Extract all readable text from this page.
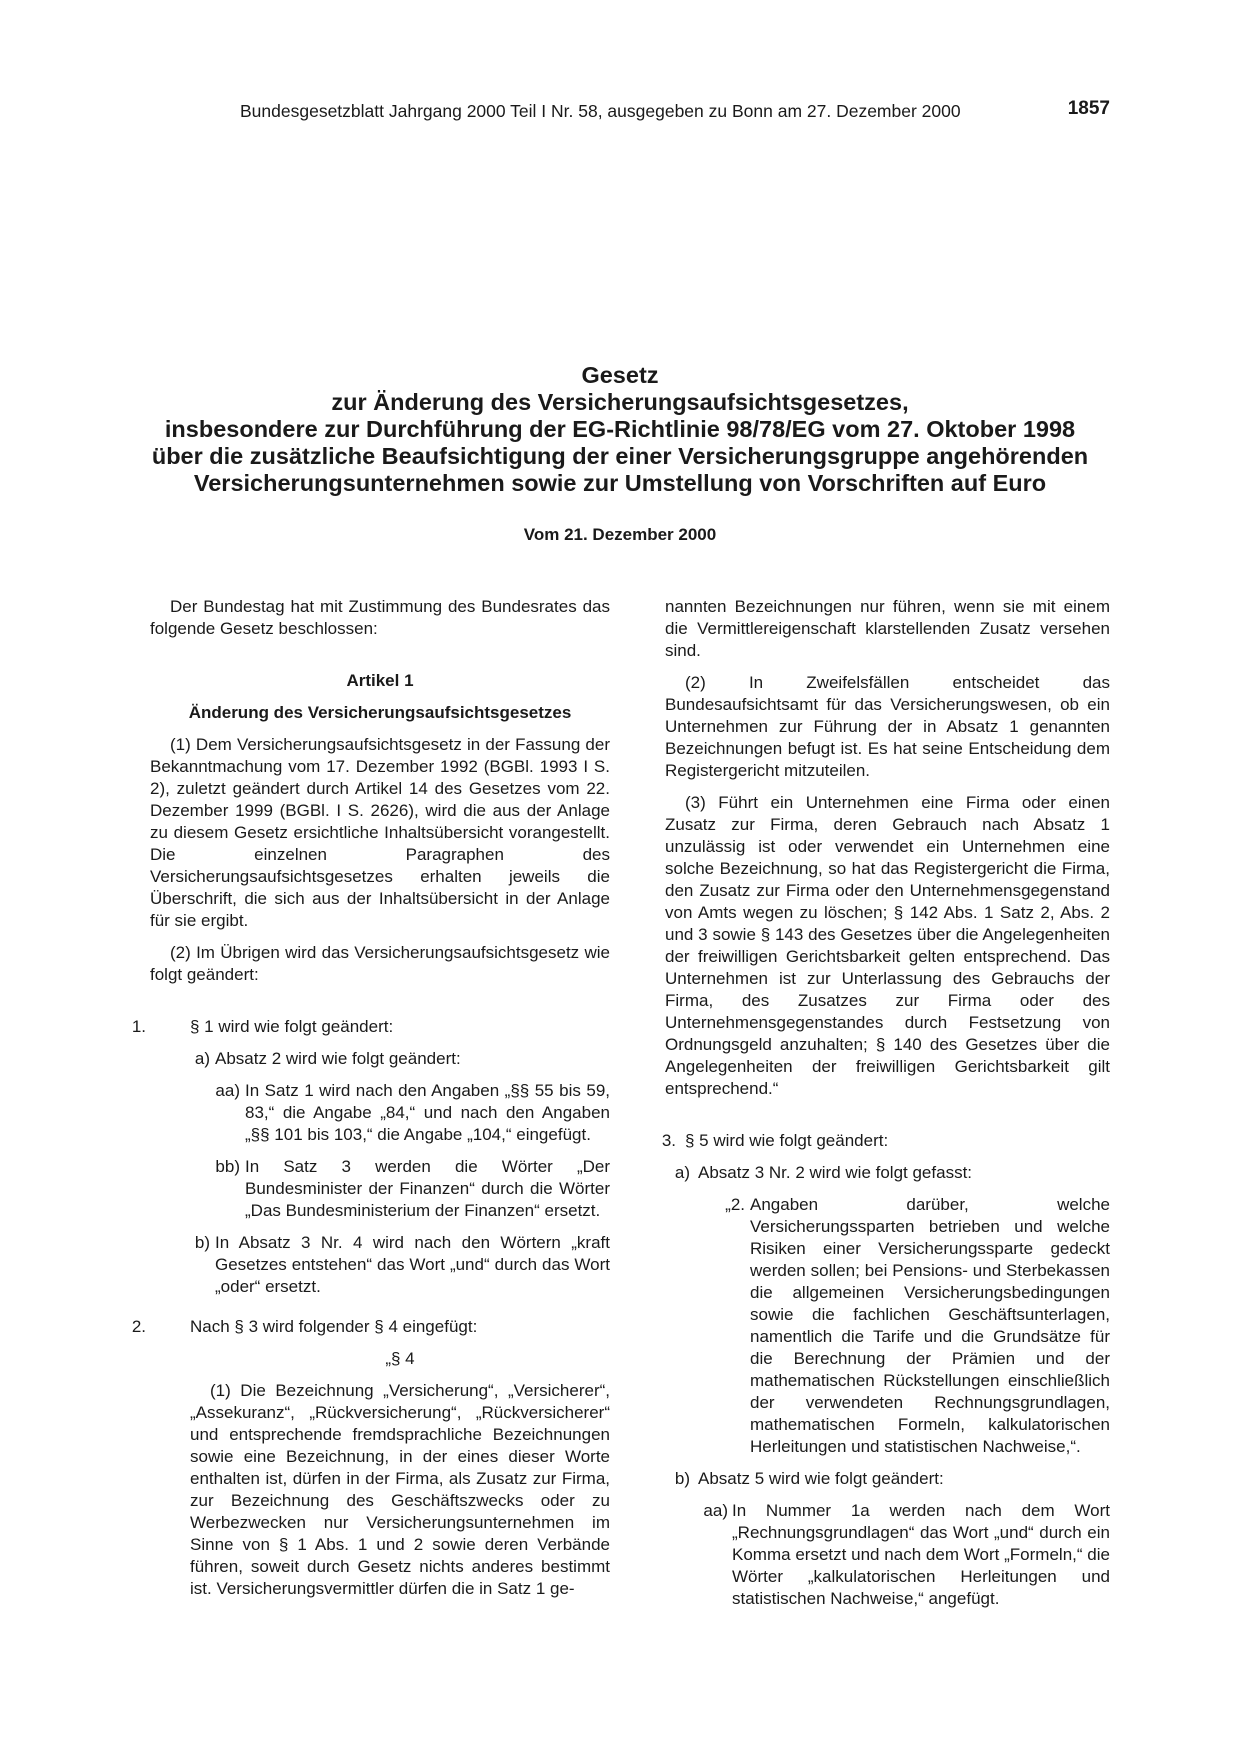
Bundesgesetzblatt Jahrgang 2000 Teil I Nr. 58, ausgegeben zu Bonn am 27. Dezember 2000	1857
Gesetz
zur Änderung des Versicherungsaufsichtsgesetzes,
insbesondere zur Durchführung der EG-Richtlinie 98/78/EG vom 27. Oktober 1998
über die zusätzliche Beaufsichtigung der einer Versicherungsgruppe angehörenden
Versicherungsunternehmen sowie zur Umstellung von Vorschriften auf Euro
Vom 21. Dezember 2000

Der Bundestag hat mit Zustimmung des Bundesrates das folgende Gesetz beschlossen:

Artikel 1

Änderung des Versicherungsaufsichtsgesetzes

(1) Dem Versicherungsaufsichtsgesetz in der Fassung der Bekanntmachung vom 17. Dezember 1992 (BGBl. 1993 I S. 2), zuletzt geändert durch Artikel 14 des Gesetzes vom 22. Dezember 1999 (BGBl. I S. 2626), wird die aus der Anlage zu diesem Gesetz ersichtliche Inhaltsübersicht vorangestellt. Die einzelnen Paragraphen des Versicherungsaufsichtsgesetzes erhalten jeweils die Überschrift, die sich aus der Inhaltsübersicht in der Anlage für sie ergibt.

(2) Im Übrigen wird das Versicherungsaufsichtsgesetz wie folgt geändert:

1.	§ 1 wird wie folgt geändert:
a) Absatz 2 wird wie folgt geändert:
aa) In Satz 1 wird nach den Angaben „§§ 55 bis 59, 83,“ die Angabe „84,“ und nach den Angaben „§§ 101 bis 103,“ die Angabe „104,“ eingefügt.
bb) In Satz 3 werden die Wörter „Der Bundesminister der Finanzen“ durch die Wörter „Das Bundesministerium der Finanzen“ ersetzt.
b) In Absatz 3 Nr. 4 wird nach den Wörtern „kraft Gesetzes entstehen“ das Wort „und“ durch das Wort „oder“ ersetzt.
2.	Nach § 3 wird folgender § 4 eingefügt:

„§ 4

(1) Die Bezeichnung „Versicherung“, „Versicherer“, „Assekuranz“, „Rückversicherung“, „Rückversicherer“ und entsprechende fremdsprachliche Bezeichnungen sowie eine Bezeichnung, in der eines dieser Worte enthalten ist, dürfen in der Firma, als Zusatz zur Firma, zur Bezeichnung des Geschäftszwecks oder zu Werbezwecken nur Versicherungsunternehmen im Sinne von § 1 Abs. 1 und 2 sowie deren Verbände führen, soweit durch Gesetz nichts anderes bestimmt ist. Versicherungsvermittler dürfen die in Satz 1 ge-

nannten Bezeichnungen nur führen, wenn sie mit einem die Vermittlereigenschaft klarstellenden Zusatz versehen sind.

(2) In Zweifelsfällen entscheidet das Bundesaufsichtsamt für das Versicherungswesen, ob ein Unternehmen zur Führung der in Absatz 1 genannten Bezeichnungen befugt ist. Es hat seine Entscheidung dem Registergericht mitzuteilen.

(3) Führt ein Unternehmen eine Firma oder einen Zusatz zur Firma, deren Gebrauch nach Absatz 1 unzulässig ist oder verwendet ein Unternehmen eine solche Bezeichnung, so hat das Registergericht die Firma, den Zusatz zur Firma oder den Unternehmensgegenstand von Amts wegen zu löschen; § 142 Abs. 1 Satz 2, Abs. 2 und 3 sowie § 143 des Gesetzes über die Angelegenheiten der freiwilligen Gerichtsbarkeit gelten entsprechend. Das Unternehmen ist zur Unterlassung des Gebrauchs der Firma, des Zusatzes zur Firma oder des Unternehmensgegenstandes durch Festsetzung von Ordnungsgeld anzuhalten; § 140 des Gesetzes über die Angelegenheiten der freiwilligen Gerichtsbarkeit gilt entsprechend.“

3. § 5 wird wie folgt geändert:
a) Absatz 3 Nr. 2 wird wie folgt gefasst:
„2. Angaben darüber, welche Versicherungssparten betrieben und welche Risiken einer Versicherungssparte gedeckt werden sollen; bei Pensions- und Sterbekassen die allgemeinen Versicherungsbedingungen sowie die fachlichen Geschäftsunterlagen, namentlich die Tarife und die Grundsätze für die Berechnung der Prämien und der mathematischen Rückstellungen einschließlich der verwendeten Rechnungsgrundlagen, mathematischen Formeln, kalkulatorischen Herleitungen und statistischen Nachweise,“.
b) Absatz 5 wird wie folgt geändert:
aa) In Nummer 1a werden nach dem Wort „Rechnungsgrundlagen“ das Wort „und“ durch ein Komma ersetzt und nach dem Wort „Formeln,“ die Wörter „kalkulatorischen Herleitungen und statistischen Nachweise,“ angefügt.
